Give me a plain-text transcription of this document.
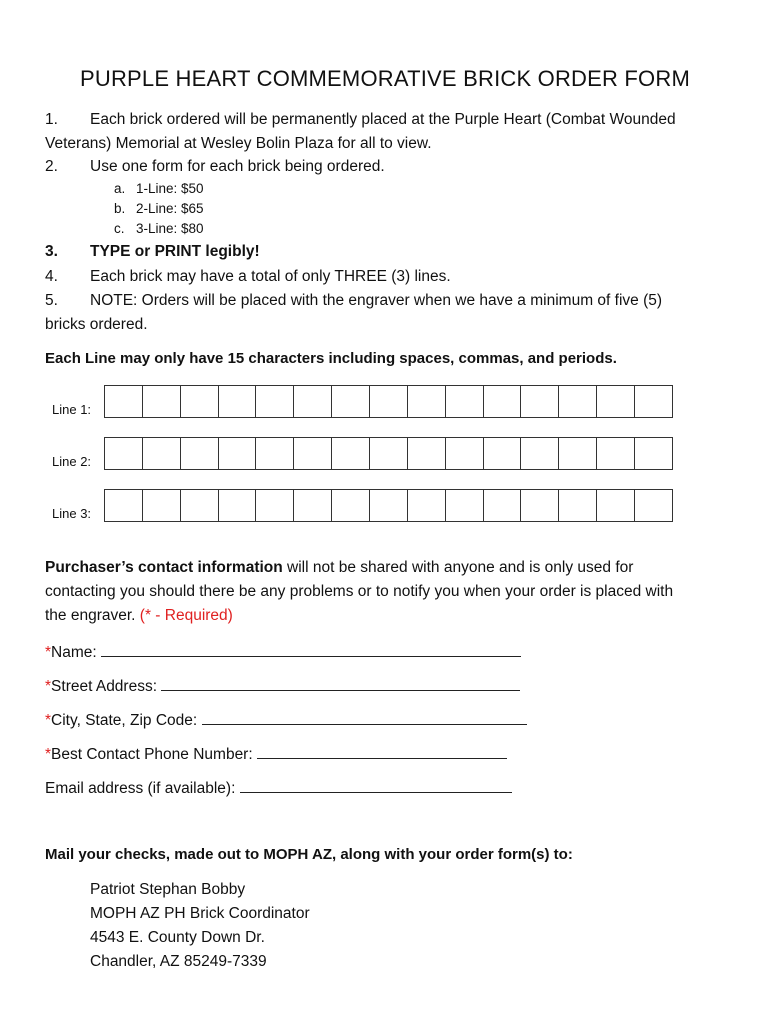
PURPLE HEART COMMEMORATIVE BRICK ORDER FORM
1. Each brick ordered will be permanently placed at the Purple Heart (Combat Wounded
Veterans) Memorial at Wesley Bolin Plaza for all to view.
2. Use one form for each brick being ordered.
a. 1-Line: $50
b. 2-Line: $65
c. 3-Line: $80
3. TYPE or PRINT legibly!
4. Each brick may have a total of only THREE (3) lines.
5. NOTE: Orders will be placed with the engraver when we have a minimum of five (5)
bricks ordered.
Each Line may only have 15 characters including spaces, commas, and periods.
Line 1:
Line 2:
Line 3:
Purchaser’s contact information will not be shared with anyone and is only used for
contacting you should there be any problems or to notify you when your order is placed with
the engraver. (* - Required)
*Name:
*Street Address:
*City, State, Zip Code:
*Best Contact Phone Number:
Email address (if available):
Mail your checks, made out to MOPH AZ, along with your order form(s) to:
Patriot Stephan Bobby
MOPH AZ PH Brick Coordinator
4543 E. County Down Dr.
Chandler, AZ 85249-7339
